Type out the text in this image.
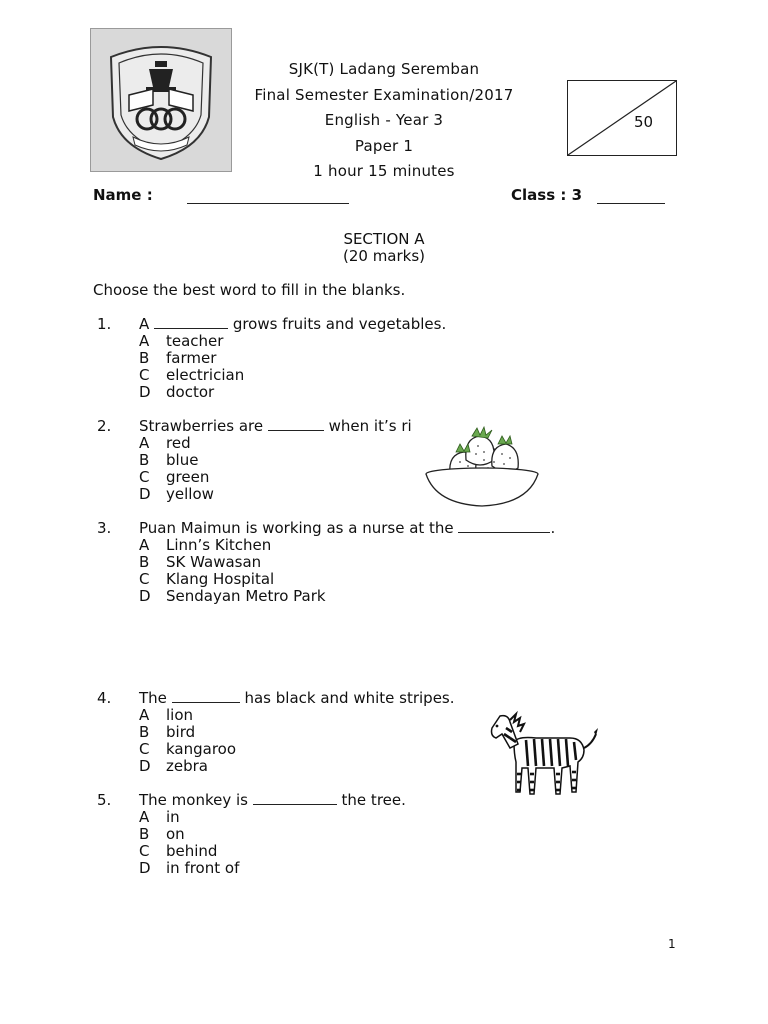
SJK(T) Ladang Seremban
Final Semester Examination/2017
English - Year 3
Paper 1
1 hour 15 minutes
50
Name :	Class : 3
SECTION A
(20 marks)
Choose the best word to fill in the blanks.
1. A	grows fruits and vegetables.
A teacher
B farmer
C electrician
D doctor
2. Strawberries are	when it’s ri
A red
B blue
C green
D yellow
3. Puan Maimun is working as a nurse at the	.
A Linn’s Kitchen
B SK Wawasan
C Klang Hospital
D Sendayan Metro Park
4. The	has black and white stripes.
A lion
B bird
C kangaroo
D zebra
5. The monkey is	the tree.
A in
B on
C behind
D in front of
1
